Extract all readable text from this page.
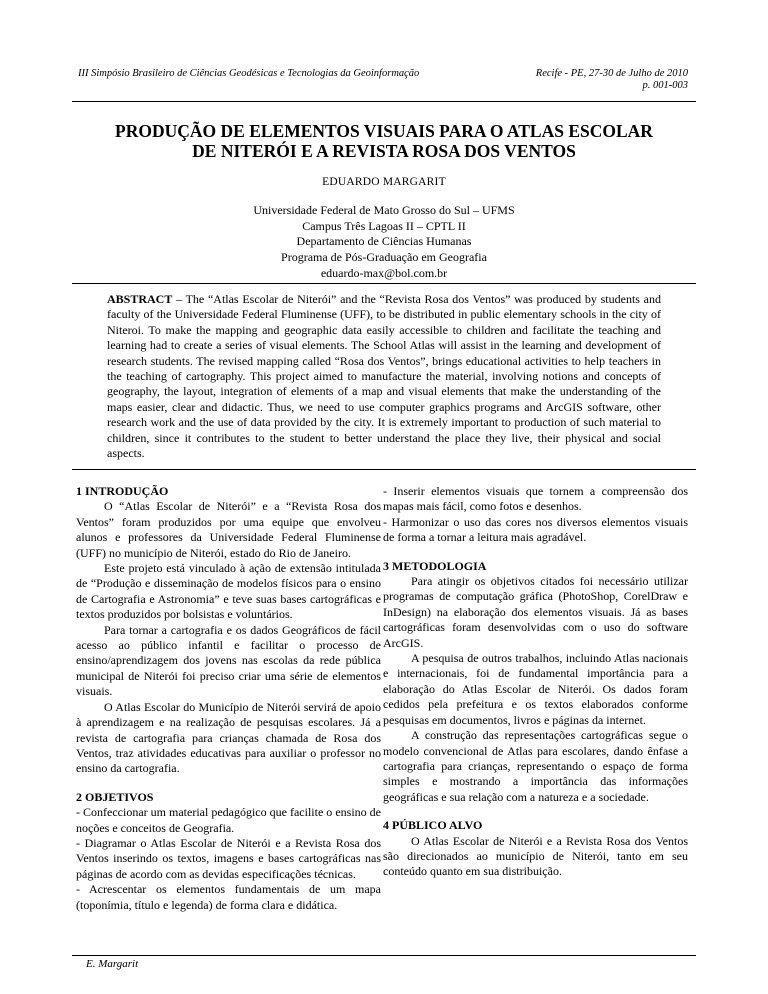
III Simpósio Brasileiro de Ciências Geodésicas e Tecnologias da Geoinformação	Recife - PE, 27-30 de Julho de 2010
p. 001-003
PRODUÇÃO DE ELEMENTOS VISUAIS PARA O ATLAS ESCOLAR
DE NITERÓI E A REVISTA ROSA DOS VENTOS
EDUARDO MARGARIT
Universidade Federal de Mato Grosso do Sul – UFMS
Campus Três Lagoas II – CPTL II
Departamento de Ciências Humanas
Programa de Pós-Graduação em Geografia
eduardo-max@bol.com.br
ABSTRACT – The “Atlas Escolar de Niterói” and the “Revista Rosa dos Ventos” was produced by students and faculty of the Universidade Federal Fluminense (UFF), to be distributed in public elementary schools in the city of Niteroi. To make the mapping and geographic data easily accessible to children and facilitate the teaching and learning had to create a series of visual elements. The School Atlas will assist in the learning and development of research students. The revised mapping called “Rosa dos Ventos”, brings educational activities to help teachers in the teaching of cartography. This project aimed to manufacture the material, involving notions and concepts of geography, the layout, integration of elements of a map and visual elements that make the understanding of the maps easier, clear and didactic. Thus, we need to use computer graphics programs and ArcGIS software, other research work and the use of data provided by the city. It is extremely important to production of such material to children, since it contributes to the student to better understand the place they live, their physical and social aspects.

1 INTRODUÇÃO

O “Atlas Escolar de Niterói” e a “Revista Rosa dos Ventos” foram produzidos por uma equipe que envolveu alunos e professores da Universidade Federal Fluminense (UFF) no município de Niterói, estado do Rio de Janeiro.

Este projeto está vinculado à ação de extensão intitulada de “Produção e disseminação de modelos físicos para o ensino de Cartografia e Astronomia” e teve suas bases cartográficas e textos produzidos por bolsistas e voluntários.

Para tornar a cartografia e os dados Geográficos de fácil acesso ao público infantil e facilitar o processo de ensino/aprendizagem dos jovens nas escolas da rede pública municipal de Niterói foi preciso criar uma série de elementos visuais.

O Atlas Escolar do Município de Niterói servirá de apoio à aprendizagem e na realização de pesquisas escolares. Já a revista de cartografia para crianças chamada de Rosa dos Ventos, traz atividades educativas para auxiliar o professor no ensino da cartografia.

2 OBJETIVOS

- Confeccionar um material pedagógico que facilite o ensino de noções e conceitos de Geografia.

- Diagramar o Atlas Escolar de Niterói e a Revista Rosa dos Ventos inserindo os textos, imagens e bases cartográficas nas páginas de acordo com as devidas especificações técnicas.

- Acrescentar os elementos fundamentais de um mapa (toponímia, título e legenda) de forma clara e didática.

- Inserir elementos visuais que tornem a compreensão dos mapas mais fácil, como fotos e desenhos.

- Harmonizar o uso das cores nos diversos elementos visuais de forma a tornar a leitura mais agradável.

3 METODOLOGIA

Para atingir os objetivos citados foi necessário utilizar programas de computação gráfica (PhotoShop, CorelDraw e InDesign) na elaboração dos elementos visuais. Já as bases cartográficas foram desenvolvidas com o uso do software ArcGIS.

A pesquisa de outros trabalhos, incluindo Atlas nacionais e internacionais, foi de fundamental importância para a elaboração do Atlas Escolar de Niterói. Os dados foram cedidos pela prefeitura e os textos elaborados conforme pesquisas em documentos, livros e páginas da internet.

A construção das representações cartográficas segue o modelo convencional de Atlas para escolares, dando ênfase a cartografia para crianças, representando o espaço de forma simples e mostrando a importância das informações geográficas e sua relação com a natureza e a sociedade.

4 PÚBLICO ALVO

O Atlas Escolar de Niterói e a Revista Rosa dos Ventos são direcionados ao município de Niterói, tanto em seu conteúdo quanto em sua distribuição.

E. Margarit
